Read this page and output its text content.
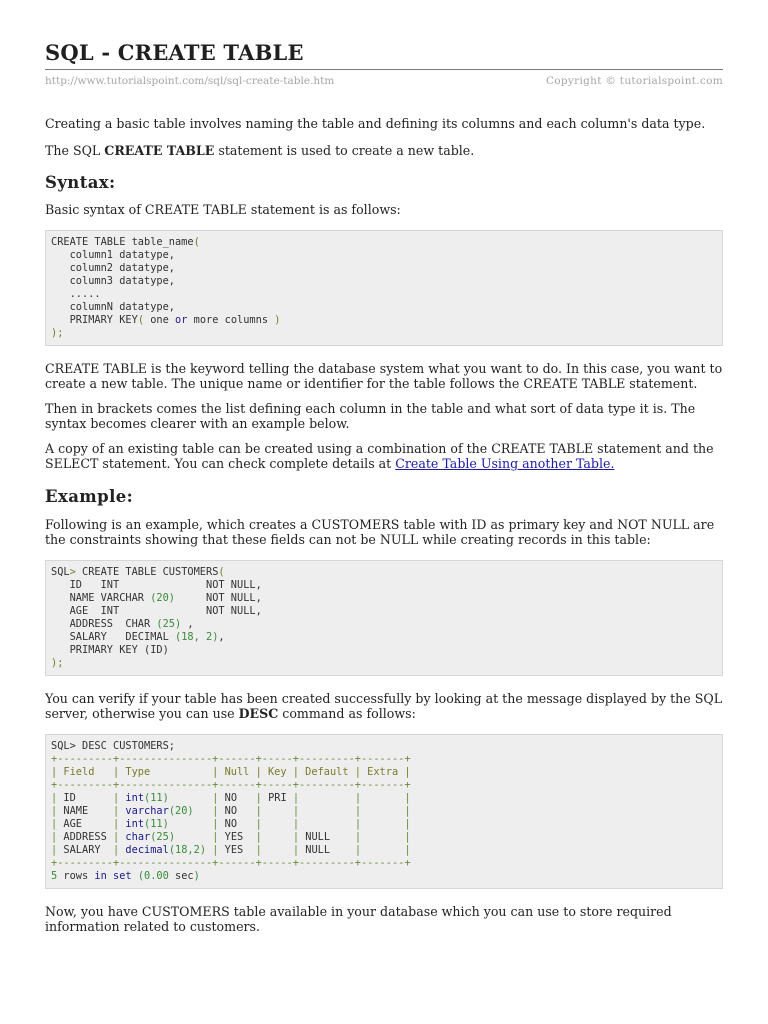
SQL - CREATE TABLE
http://www.tutorialspoint.com/sql/sql-create-table.htm	Copyright © tutorialspoint.com

Creating a basic table involves naming the table and defining its columns and each column's data type.

The SQL CREATE TABLE statement is used to create a new table.

Syntax:

Basic syntax of CREATE TABLE statement is as follows:

CREATE TABLE table_name(
column1 datatype,
column2 datatype,
column3 datatype,
.....
columnN datatype,
PRIMARY KEY( one or more columns )
);

CREATE TABLE is the keyword telling the database system what you want to do. In this case, you want to create a new table. The unique name or identifier for the table follows the CREATE TABLE statement.

Then in brackets comes the list defining each column in the table and what sort of data type it is. The syntax becomes clearer with an example below.

A copy of an existing table can be created using a combination of the CREATE TABLE statement and the SELECT statement. You can check complete details at Create Table Using another Table.

Example:

Following is an example, which creates a CUSTOMERS table with ID as primary key and NOT NULL are the constraints showing that these fields can not be NULL while creating records in this table:

SQL> CREATE TABLE CUSTOMERS(
ID   INT              NOT NULL,
NAME VARCHAR (20)     NOT NULL,
AGE  INT              NOT NULL,
ADDRESS  CHAR (25) ,
SALARY   DECIMAL (18, 2),
PRIMARY KEY (ID)
);

You can verify if your table has been created successfully by looking at the message displayed by the SQL server, otherwise you can use DESC command as follows:

SQL> DESC CUSTOMERS;
+---------+---------------+------+-----+---------+-------+
| Field   | Type          | Null | Key | Default | Extra |
+---------+---------------+------+-----+---------+-------+
| ID      | int(11)	| NO   | PRI |	|       |
| NAME    | varchar(20) | NO   |     |	|       |
| AGE     | int(11)	| NO   |     |	|       |
| ADDRESS | char(25)	| YES  |     | NULL    |       |
| SALARY  | decimal(18,2) | YES  |     | NULL    |       |
+---------+---------------+------+-----+---------+-------+
5 rows in set (0.00 sec)

Now, you have CUSTOMERS table available in your database which you can use to store required information related to customers.
